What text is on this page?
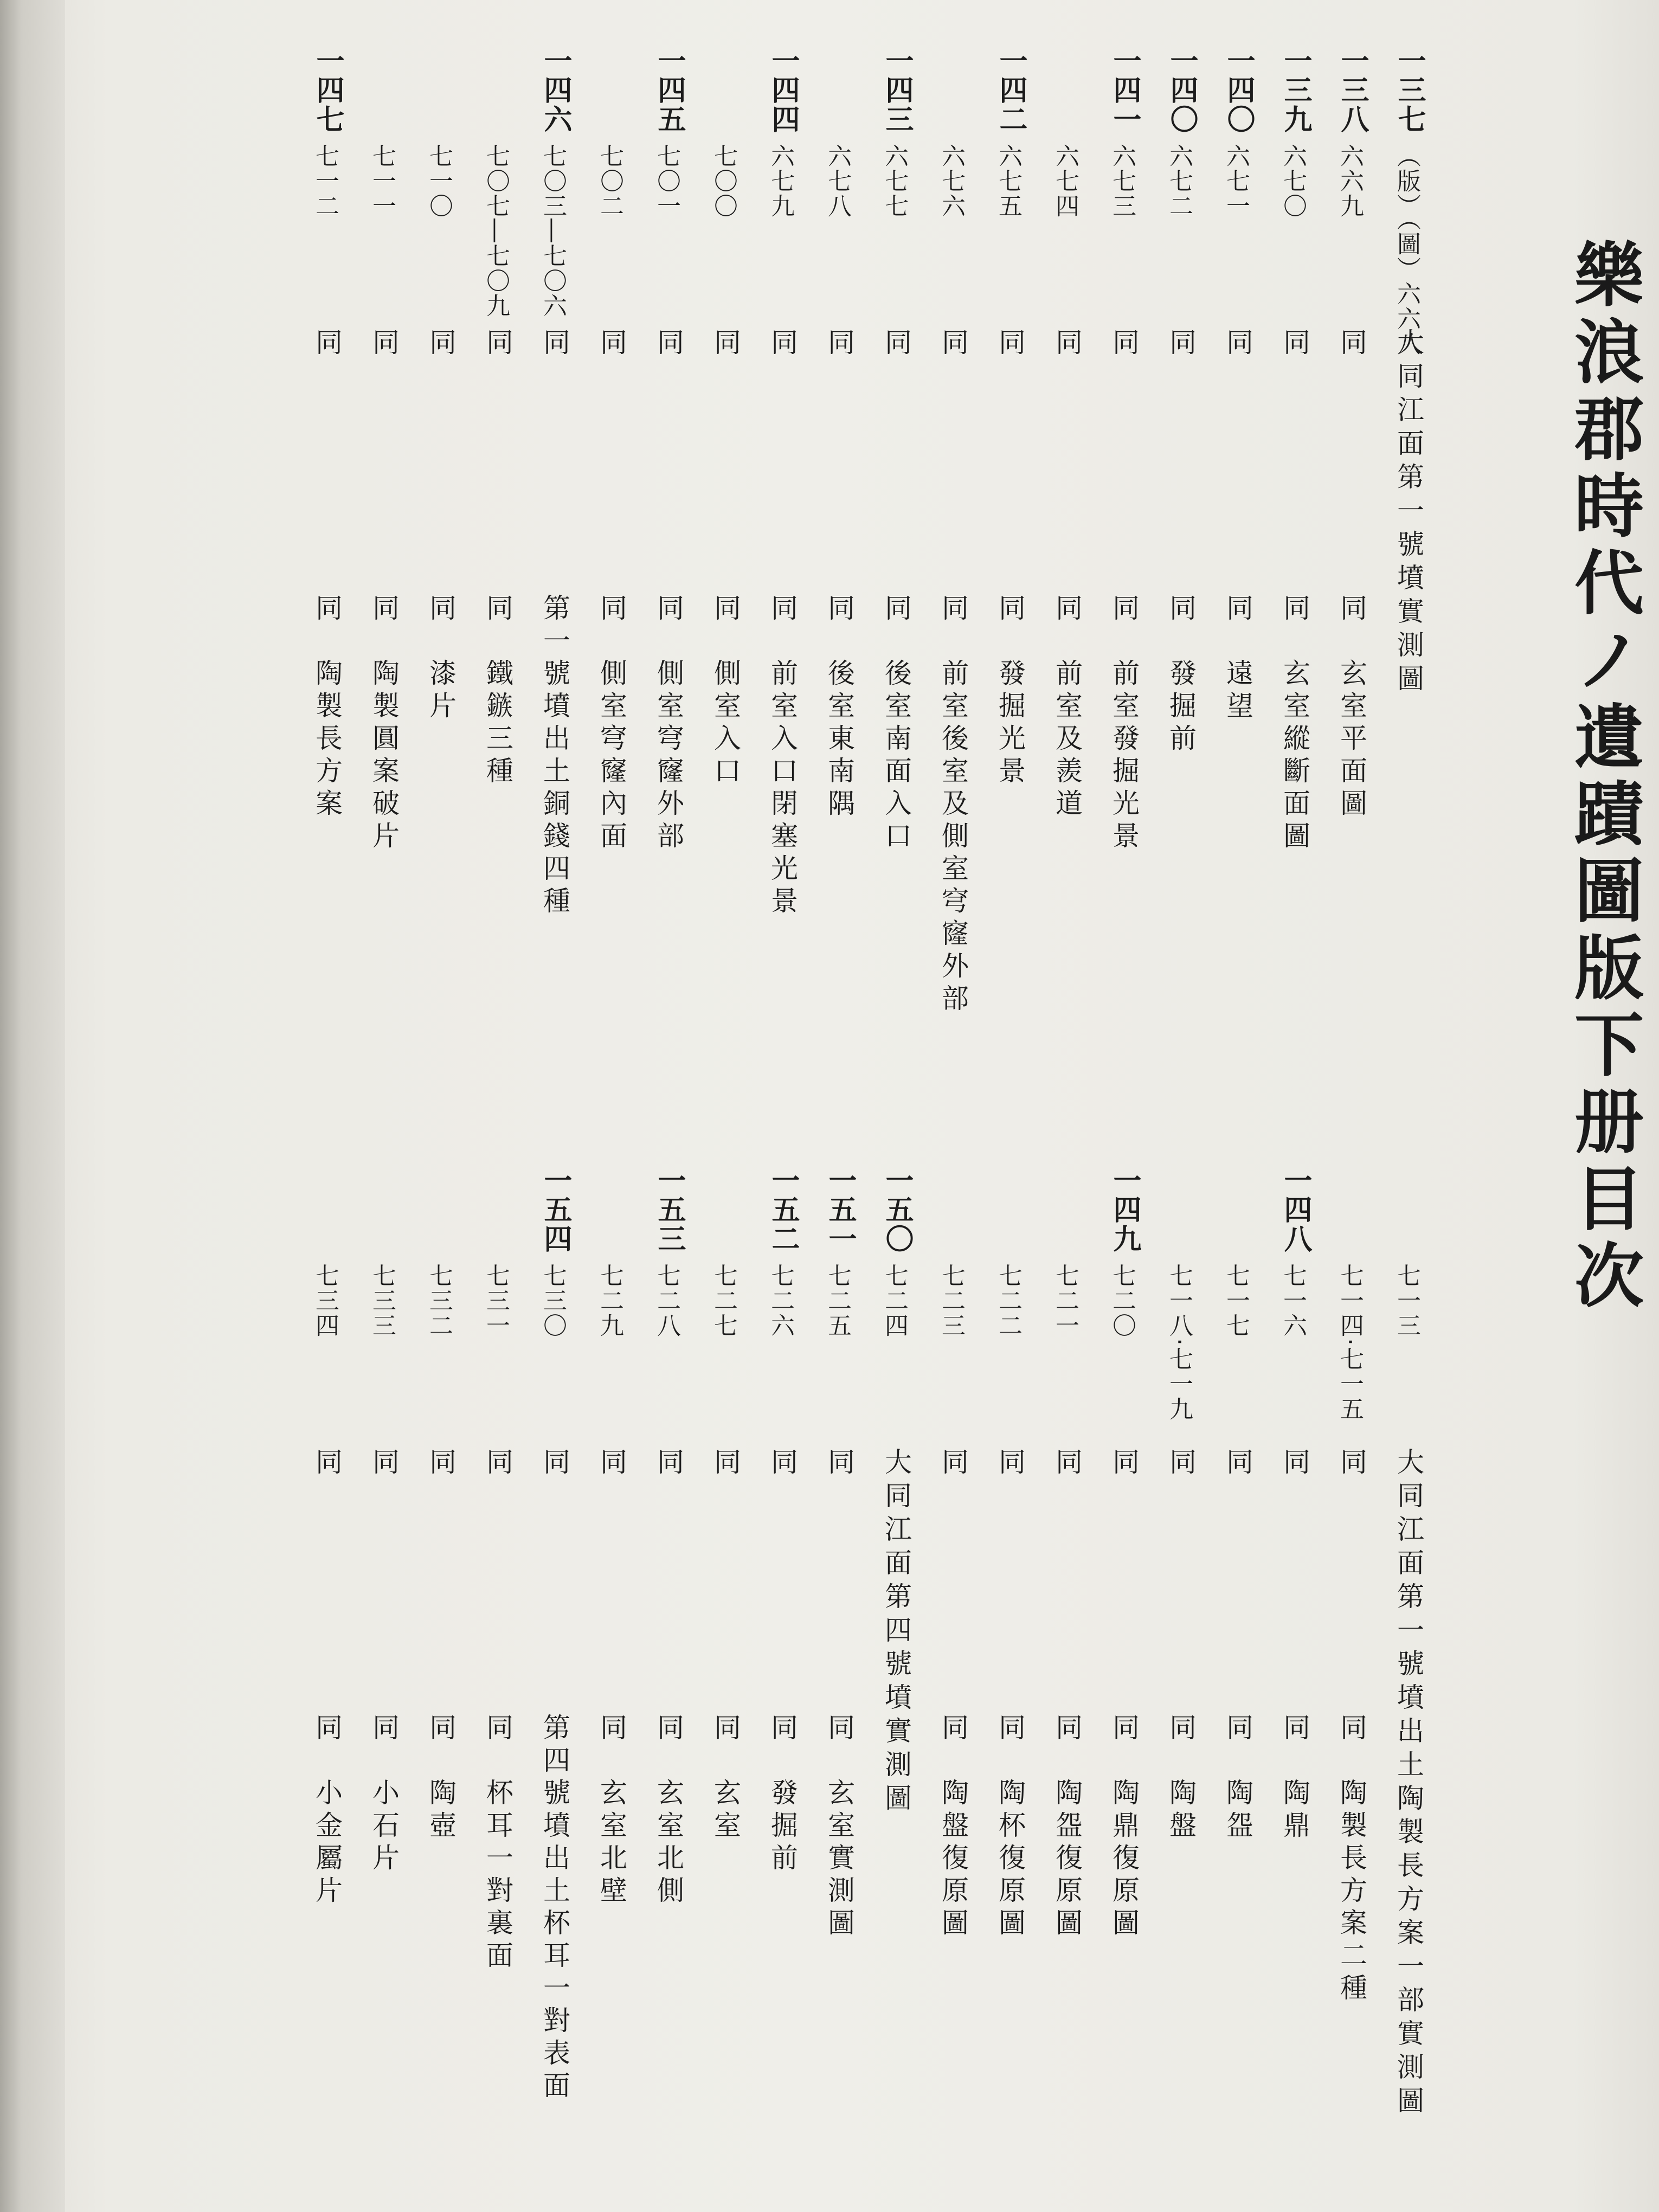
樂浪郡時代ノ遺蹟圖版下册目次
一三七
（版）（圖）六六八
大同江面第一號墳實測圖
一三八
六六九
同
同　玄室平面圖
一三九
六七〇
同
同　玄室縱斷面圖
一四〇
六七一
同
同　遠望
一四〇
六七二
同
同　發掘前
一四一
六七三
同
同　前室發掘光景
六七四
同
同　前室及羨道
一四二
六七五
同
同　發掘光景
六七六
同
同　前室後室及側室穹窿外部
一四三
六七七
同
同　後室南面入口
六七八
同
同　後室東南隅
一四四
六七九
同
同　前室入口閉塞光景
七〇〇
同
同　側室入口
一四五
七〇一
同
同　側室穹窿外部
七〇二
同
同　側室穹窿內面
一四六
七〇三―七〇六
同
第一號墳出土銅錢四種
七〇七―七〇九
同
同　鐵鏃三種
七一〇
同
同　漆片
七一一
同
同　陶製圓案破片
一四七
七一二
同
同　陶製長方案
七一三
大同江面第一號墳出土陶製長方案一部實測圖
七一四‧七一五
同
同　陶製長方案二種
一四八
七一六
同
同　陶鼎
七一七
同
同　陶盌
七一八‧七一九
同
同　陶盤
一四九
七二〇
同
同　陶鼎復原圖
七二一
同
同　陶盌復原圖
七二二
同
同　陶杯復原圖
七二三
同
同　陶盤復原圖
一五〇
七二四
大同江面第四號墳實測圖
一五一
七二五
同
同　玄室實測圖
一五二
七二六
同
同　發掘前
七二七
同
同　玄室
一五三
七二八
同
同　玄室北側
七二九
同
同　玄室北壁
一五四
七三〇
同
第四號墳出土杯耳一對表面
七三一
同
同　杯耳一對裏面
七三二
同
同　陶壺
七三三
同
同　小石片
七三四
同
同　小金屬片
